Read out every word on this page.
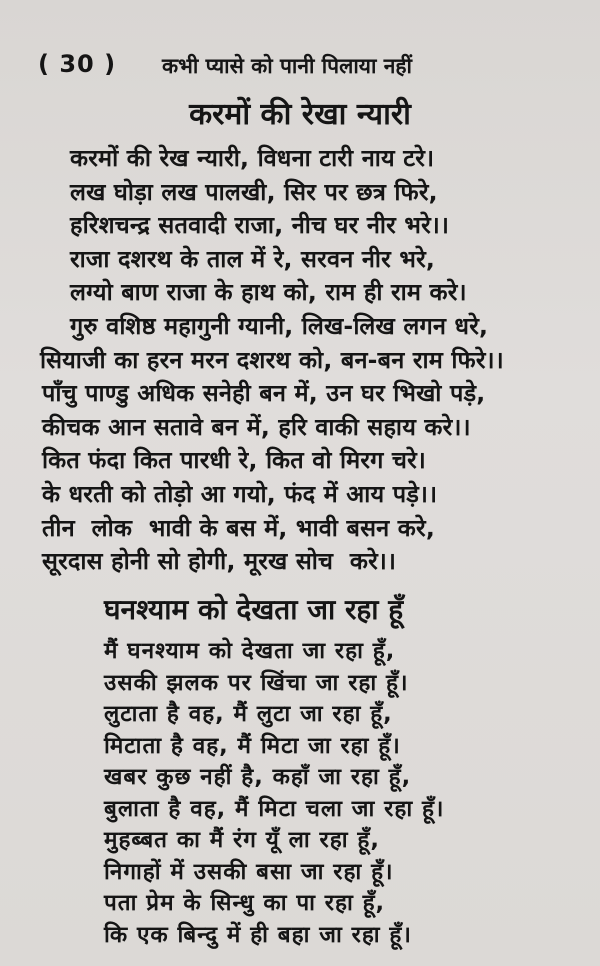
( 30 ) कभी प्यासे को पानी पिलाया नहीं
करमों की रेखा न्यारी
करमों की रेख न्यारी, विधना टारी नाय टरे।
लख घोड़ा लख पालखी, सिर पर छत्र फिरे,
हरिशचन्द्र सतवादी राजा, नीच घर नीर भरे।।
राजा दशरथ के ताल में रे, सरवन नीर भरे,
लग्यो बाण राजा के हाथ को, राम ही राम करे।
गुरु वशिष्ठ महागुनी ग्यानी, लिख-लिख लगन धरे,
सियाजी का हरन मरन दशरथ को, बन-बन राम फिरे।।
पाँचु पाण्डु अधिक सनेही बन में, उन घर भिखो पड़े,
कीचक आन सतावे बन में, हरि वाकी सहाय करे।।
कित फंदा कित पारधी रे, कित वो मिरग चरे।
के धरती को तोड़ो आ गयो, फंद में आय पड़े।।
तीन  लोक  भावी के बस में, भावी बसन करे,
सूरदास होनी सो होगी, मूरख सोच  करे।।
घनश्याम को देखता जा रहा हूँ
मैं घनश्याम को देखता जा रहा हूँ,
उसकी झलक पर खिंचा जा रहा हूँ।
लुटाता है वह, मैं लुटा जा रहा हूँ,
मिटाता है वह, मैं मिटा जा रहा हूँ।
खबर कुछ नहीं है, कहाँ जा रहा हूँ,
बुलाता है वह, मैं मिटा चला जा रहा हूँ।
मुहब्बत का मैं रंग यूँ ला रहा हूँ,
निगाहों में उसकी बसा जा रहा हूँ।
पता प्रेम के सिन्धु का पा रहा हूँ,
कि एक बिन्दु में ही बहा जा रहा हूँ।
